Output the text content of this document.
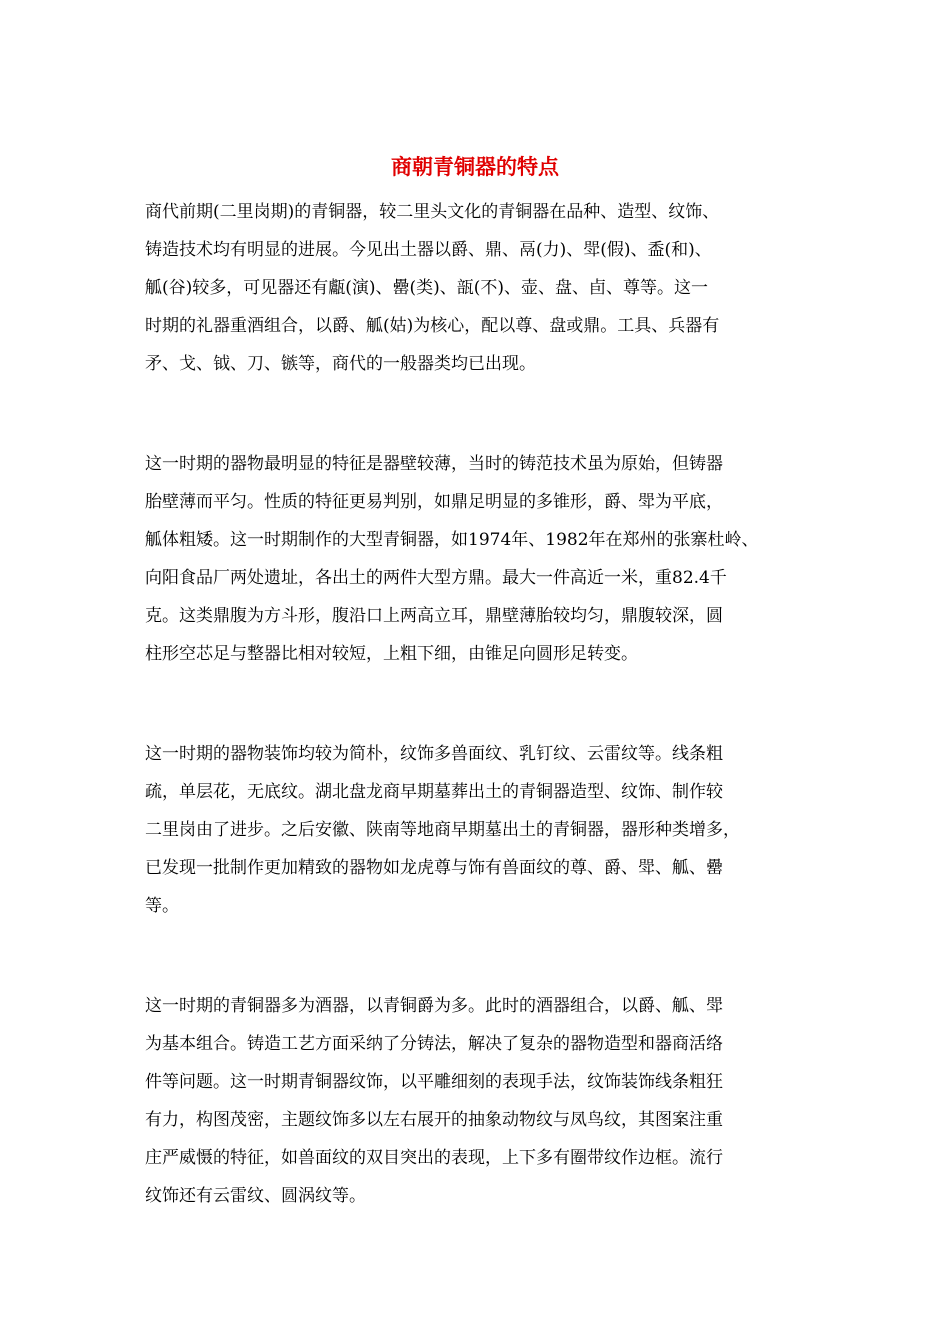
商朝青铜器的特点
商代前期(二里岗期)的青铜器，较二里头文化的青铜器在品种、造型、纹饰、
铸造技术均有明显的进展。今见出土器以爵、鼎、鬲(力)、斝(假)、盉(和)、
觚(谷)较多，可见器还有甗(演)、罍(类)、瓿(不)、壶、盘、卣、尊等。这一
时期的礼器重酒组合，以爵、觚(姑)为核心，配以尊、盘或鼎。工具、兵器有
矛、戈、钺、刀、镞等，商代的一般器类均已出现。
这一时期的器物最明显的特征是器壁较薄，当时的铸范技术虽为原始，但铸器
胎壁薄而平匀。性质的特征更易判别，如鼎足明显的多锥形，爵、斝为平底，
觚体粗矮。这一时期制作的大型青铜器，如1974年、1982年在郑州的张寨杜岭、
向阳食品厂两处遗址，各出土的两件大型方鼎。最大一件高近一米，重82.4千
克。这类鼎腹为方斗形，腹沿口上两高立耳，鼎壁薄胎较均匀，鼎腹较深，圆
柱形空芯足与整器比相对较短，上粗下细，由锥足向圆形足转变。
这一时期的器物装饰均较为简朴，纹饰多兽面纹、乳钉纹、云雷纹等。线条粗
疏，单层花，无底纹。湖北盘龙商早期墓葬出土的青铜器造型、纹饰、制作较
二里岗由了进步。之后安徽、陕南等地商早期墓出土的青铜器，器形种类增多，
已发现一批制作更加精致的器物如龙虎尊与饰有兽面纹的尊、爵、斝、觚、罍
等。
这一时期的青铜器多为酒器，以青铜爵为多。此时的酒器组合，以爵、觚、斝
为基本组合。铸造工艺方面采纳了分铸法，解决了复杂的器物造型和器商活络
件等问题。这一时期青铜器纹饰，以平雕细刻的表现手法，纹饰装饰线条粗狂
有力，构图茂密，主题纹饰多以左右展开的抽象动物纹与凤鸟纹，其图案注重
庄严威慑的特征，如兽面纹的双目突出的表现，上下多有圈带纹作边框。流行
纹饰还有云雷纹、圆涡纹等。
